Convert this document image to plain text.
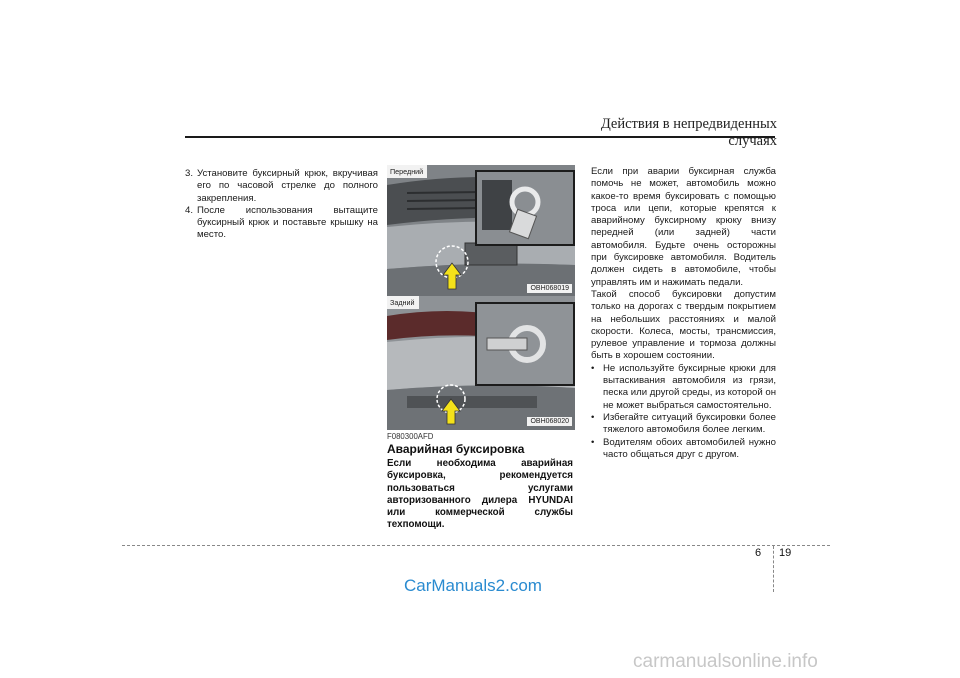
Действия в непредвиденных случаях
3. Установите буксирный крюк, вкручивая его по часовой стрелке до полного закрепления.
4. После использования вытащите буксирный крюк и поставьте крышку на место.
Передний
OBH068019
Задний
OBH068020
F080300AFD
Аварийная буксировка
Если необходима аварийная буксировка, рекомендуется пользоваться услугами авторизованного дилера HYUNDAI или коммерческой службы техпомощи.

Если при аварии буксирная служба помочь не может, автомобиль можно какое-то время буксировать с помощью троса или цепи, которые крепятся к аварийному буксирному крюку внизу передней (или задней) части автомобиля. Будьте очень осторожны при буксировке автомобиля. Водитель должен сидеть в автомобиле, чтобы управлять им и нажимать педали.

Такой способ буксировки допустим только на дорогах с твердым покрытием на небольших расстояниях и малой скорости. Колеса, мосты, трансмиссия, рулевое управление и тормоза должны быть в хорошем состоянии.

• Не используйте буксирные крюки для вытаскивания автомобиля из грязи, песка или другой среды, из которой он не может выбраться самостоятельно.
• Избегайте ситуаций буксировки более тяжелого автомобиля более легким.
• Водителям обоих автомобилей нужно часто общаться друг с другом.
6 19
CarManuals2.com
carmanualsonline.info
